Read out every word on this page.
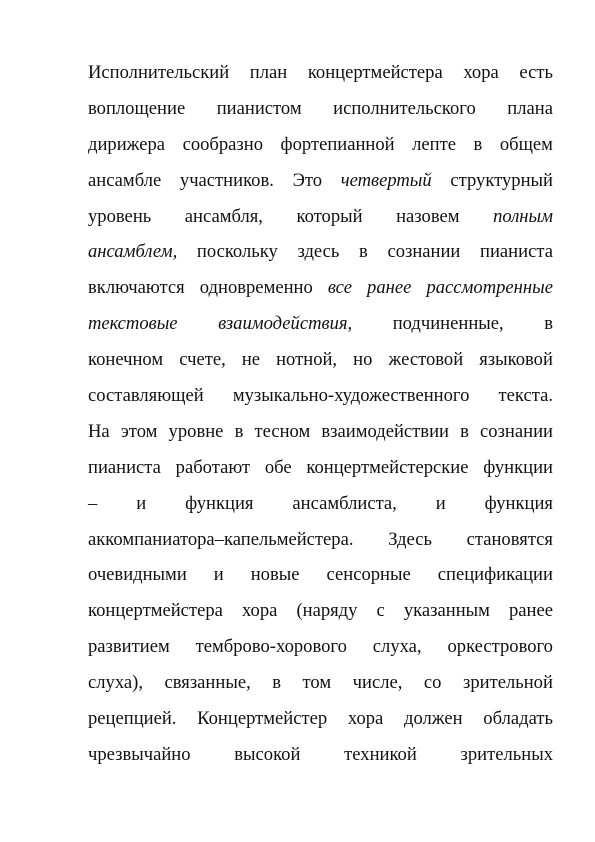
Исполнительский план концертмейстера хора есть
воплощение пианистом исполнительского плана
дирижера сообразно фортепианной лепте в общем
ансамбле участников. Это четвертый структурный
уровень ансамбля, который назовем полным
ансамблем, поскольку здесь в сознании пианиста
включаются одновременно все ранее рассмотренные
текстовые взаимодействия, подчиненные, в
конечном счете, не нотной, но жестовой языковой
составляющей музыкально-художественного текста.
На этом уровне в тесном взаимодействии в сознании
пианиста работают обе концертмейстерские функции
– и функция ансамблиста, и функция
аккомпаниатора–капельмейстера. Здесь становятся
очевидными и новые сенсорные спецификации
концертмейстера хора (наряду с указанным ранее
развитием темброво-хорового слуха, оркестрового
слуха), связанные, в том числе, со зрительной
рецепцией. Концертмейстер хора должен обладать
чрезвычайно высокой техникой зрительных
